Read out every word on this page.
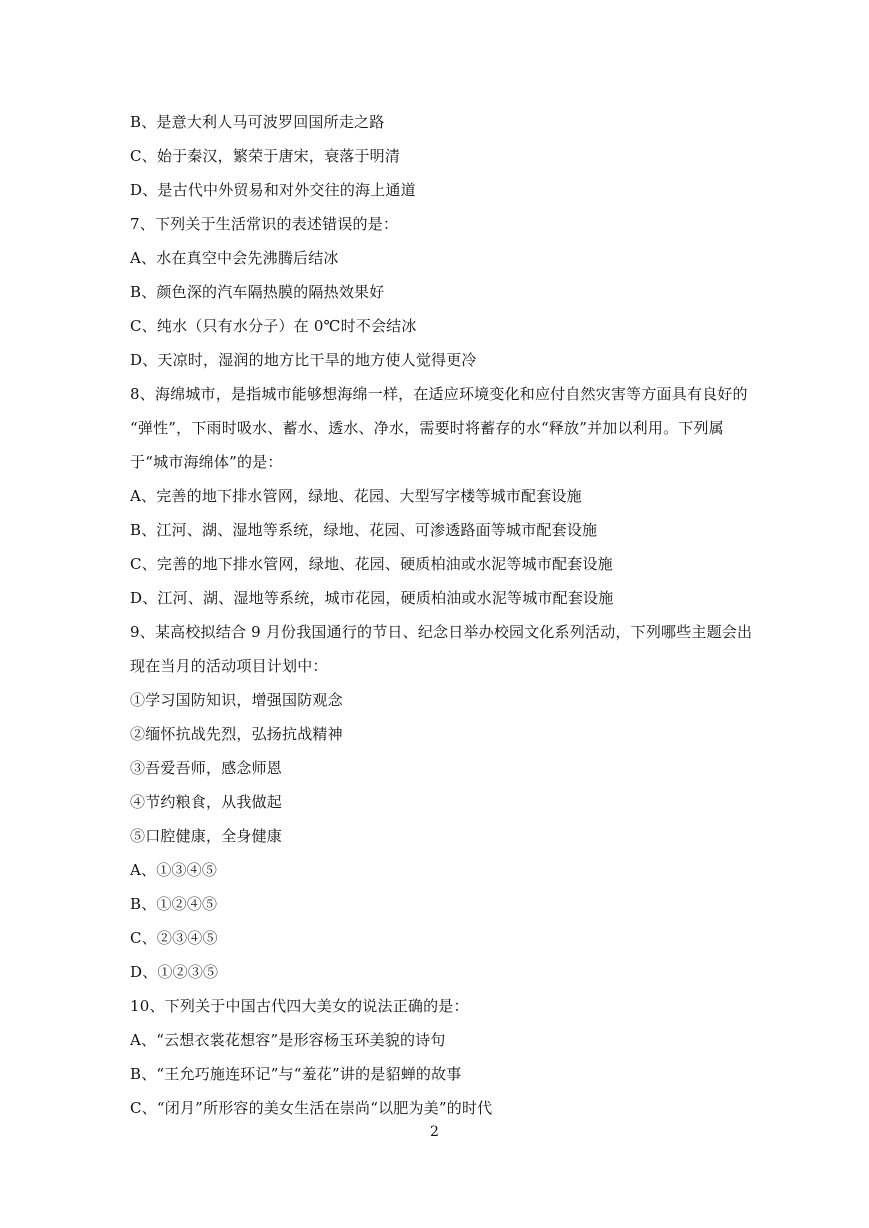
B、是意大利人马可波罗回国所走之路
C、始于秦汉，繁荣于唐宋，衰落于明清
D、是古代中外贸易和对外交往的海上通道
7、下列关于生活常识的表述错误的是：
A、水在真空中会先沸腾后结冰
B、颜色深的汽车隔热膜的隔热效果好
C、纯水（只有水分子）在 0℃时不会结冰
D、天凉时，湿润的地方比干旱的地方使人觉得更冷
8、海绵城市，是指城市能够想海绵一样，在适应环境变化和应付自然灾害等方面具有良好的
“弹性”，下雨时吸水、蓄水、透水、净水，需要时将蓄存的水“释放”并加以利用。下列属
于“城市海绵体”的是：
A、完善的地下排水管网，绿地、花园、大型写字楼等城市配套设施
B、江河、湖、湿地等系统，绿地、花园、可渗透路面等城市配套设施
C、完善的地下排水管网，绿地、花园、硬质柏油或水泥等城市配套设施
D、江河、湖、湿地等系统，城市花园，硬质柏油或水泥等城市配套设施
9、某高校拟结合 9 月份我国通行的节日、纪念日举办校园文化系列活动，下列哪些主题会出
现在当月的活动项目计划中：
①学习国防知识，增强国防观念
②缅怀抗战先烈，弘扬抗战精神
③吾爱吾师，感念师恩
④节约粮食，从我做起
⑤口腔健康，全身健康
A、①③④⑤
B、①②④⑤
C、②③④⑤
D、①②③⑤
10、下列关于中国古代四大美女的说法正确的是：
A、“云想衣裳花想容”是形容杨玉环美貌的诗句
B、“王允巧施连环记”与“羞花”讲的是貂蝉的故事
C、“闭月”所形容的美女生活在崇尚“以肥为美”的时代
2
